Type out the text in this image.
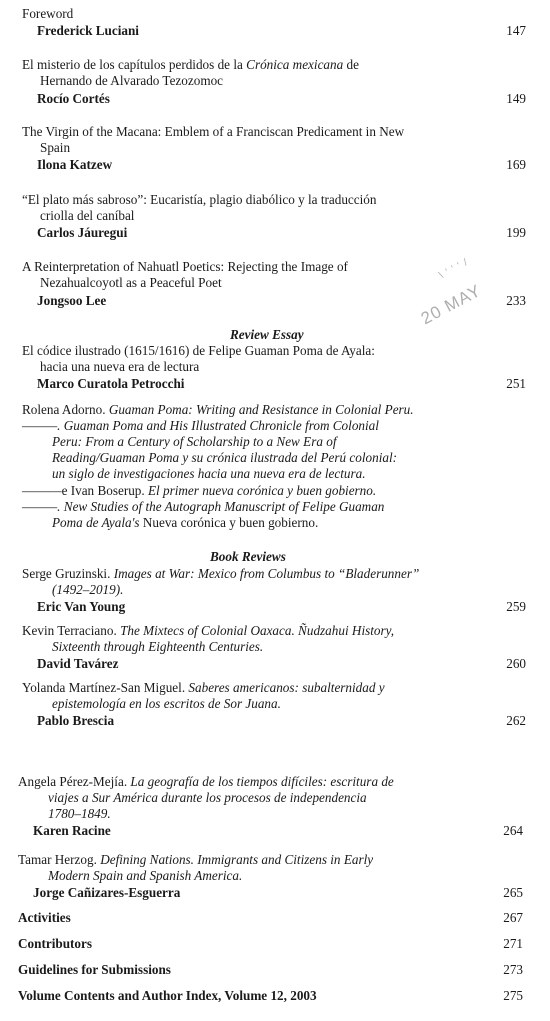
Foreword
Frederick Luciani	147
El misterio de los capítulos perdidos de la Crónica mexicana de
Hernando de Alvarado Tezozomoc
Rocío Cortés	149
The Virgin of the Macana: Emblem of a Franciscan Predicament in New
Spain
Ilona Katzew	169
“El plato más sabroso”: Eucaristía, plagio diabólico y la traducción
criolla del caníbal
Carlos Jáuregui	199
A Reinterpretation of Nahuatl Poetics: Rejecting the Image of
Nezahualcoyotl as a Peaceful Poet
Jongsoo Lee	233
\ ' ' ' /
20 MAY
Review Essay
El códice ilustrado (1615/1616) de Felipe Guaman Poma de Ayala:
hacia una nueva era de lectura
Marco Curatola Petrocchi	251
Rolena Adorno. Guaman Poma: Writing and Resistance in Colonial Peru.
———. Guaman Poma and His Illustrated Chronicle from Colonial
Peru: From a Century of Scholarship to a New Era of
Reading/Guaman Poma y su crónica ilustrada del Perú colonial:
un siglo de investigaciones hacia una nueva era de lectura.
———e Ivan Boserup. El primer nueva corónica y buen gobierno.
———. New Studies of the Autograph Manuscript of Felipe Guaman
Poma de Ayala's Nueva corónica y buen gobierno.
Book Reviews
Serge Gruzinski. Images at War: Mexico from Columbus to “Bladerunner”
(1492–2019).
Eric Van Young	259
Kevin Terraciano. The Mixtecs of Colonial Oaxaca. Ñudzahui History,
Sixteenth through Eighteenth Centuries.
David Tavárez	260
Yolanda Martínez-San Miguel. Saberes americanos: subalternidad y
epistemología en los escritos de Sor Juana.
Pablo Brescia	262
Angela Pérez-Mejía. La geografía de los tiempos difíciles: escritura de
viajes a Sur América durante los procesos de independencia
1780–1849.
Karen Racine	264
Tamar Herzog. Defining Nations. Immigrants and Citizens in Early
Modern Spain and Spanish America.
Jorge Cañizares-Esguerra	265
Activities	267
Contributors	271
Guidelines for Submissions	273
Volume Contents and Author Index, Volume 12, 2003	275
